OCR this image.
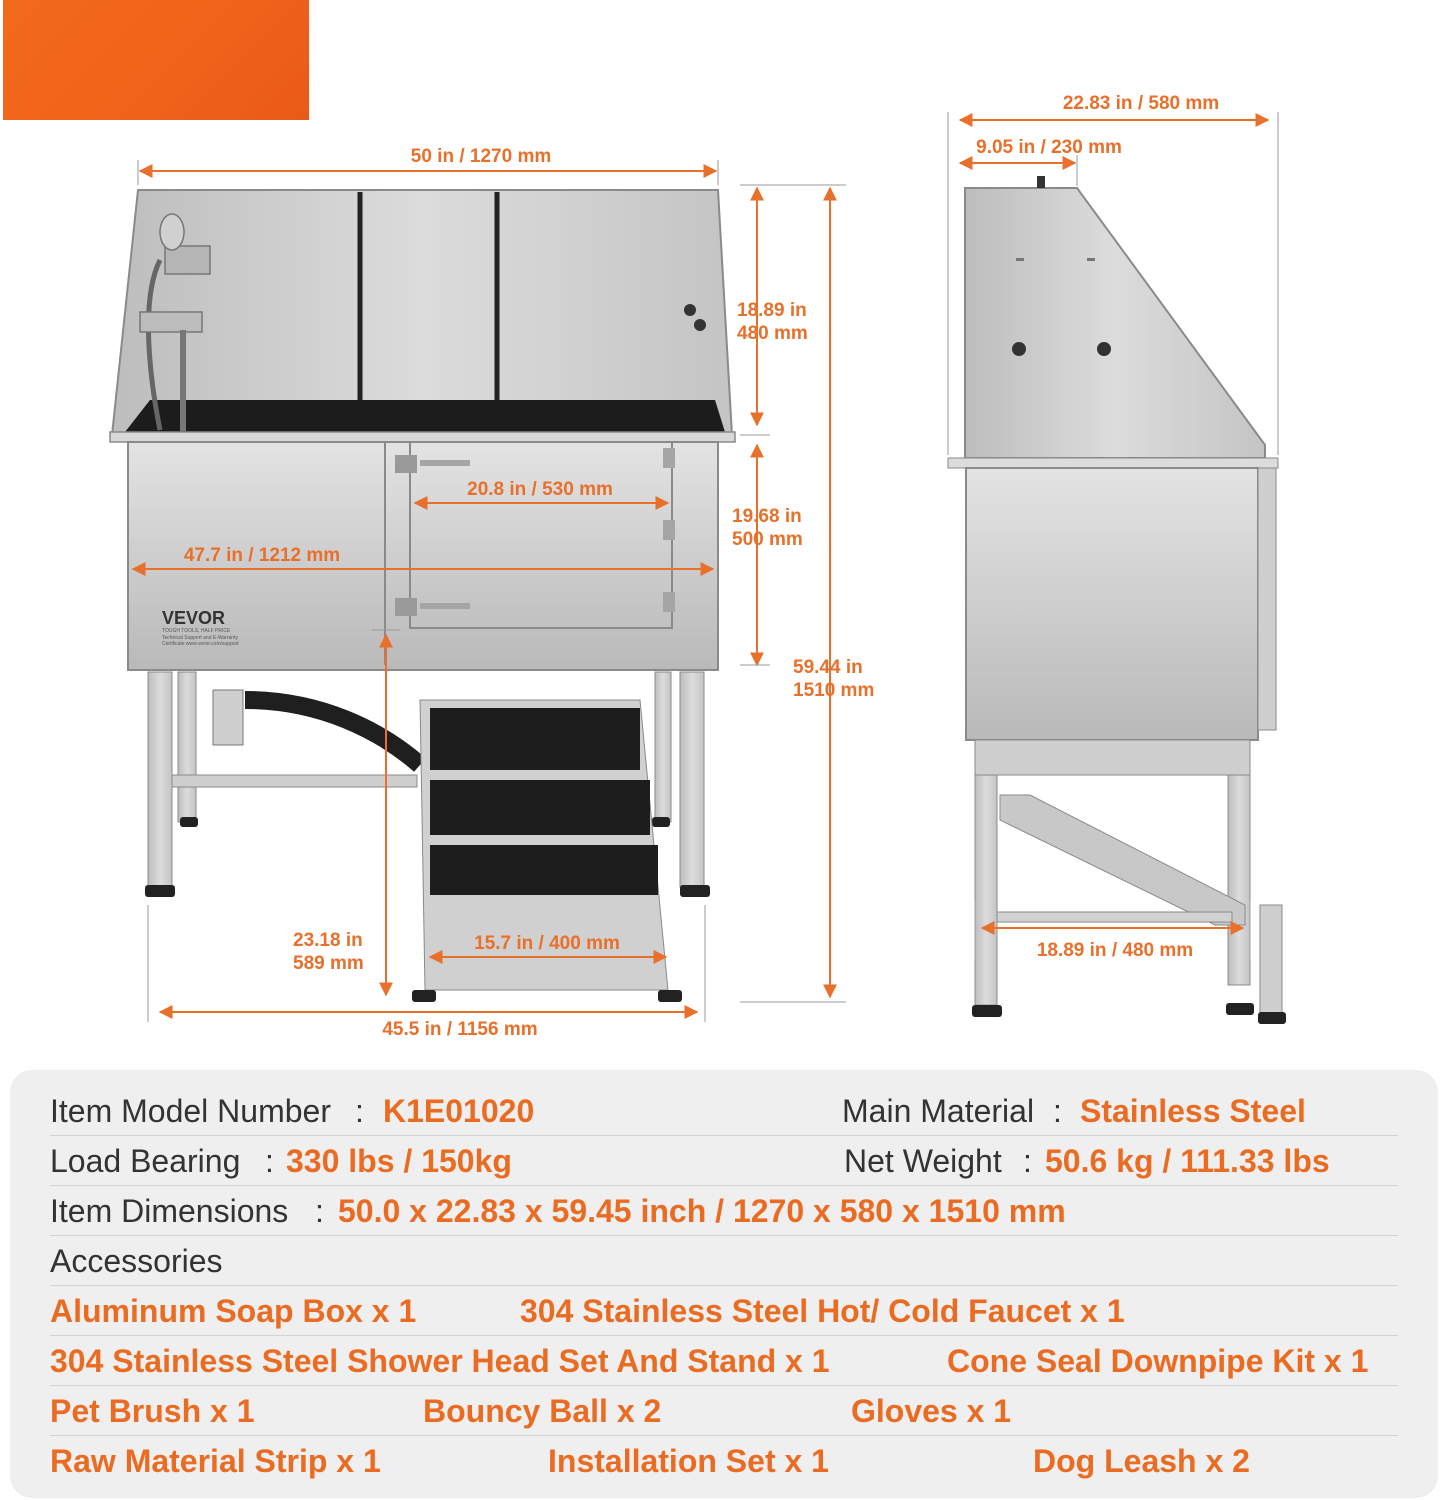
VEVOR
TOUGH TOOLS, HALF PRICE
Technical Support and E-Warranty
Certificate www.vevor.com/support
50 in / 1270 mm
18.89 in
480 mm
19.68 in
500 mm
59.44 in
1510 mm
20.8 in / 530 mm
47.7 in / 1212 mm
23.18 in
589 mm
15.7 in / 400 mm
45.5 in / 1156 mm
22.83 in / 580 mm
9.05 in / 230 mm
18.89 in / 480 mm
Item Model Number : K1E01020	Main Material : Stainless Steel
Load Bearing : 330 lbs / 150kg	Net Weight : 50.6 kg / 111.33 lbs
Item Dimensions : 50.0 x 22.83 x 59.45 inch / 1270 x 580 x 1510 mm
Accessories
Aluminum Soap Box x 1	304 Stainless Steel Hot/ Cold Faucet x 1
304 Stainless Steel Shower Head Set And Stand x 1	Cone Seal Downpipe Kit x 1
Pet Brush x 1	Bouncy Ball x 2	Gloves x 1
Raw Material Strip x 1	Installation Set x 1	Dog Leash x 2
